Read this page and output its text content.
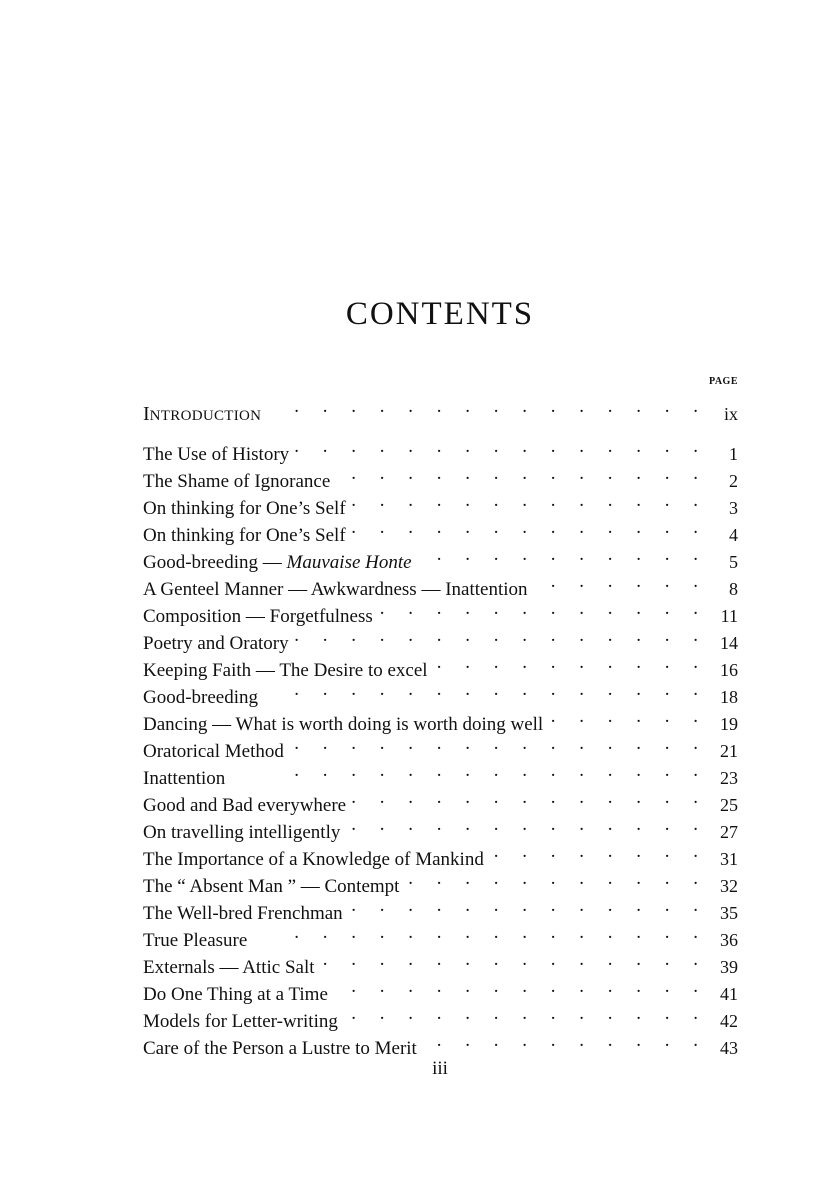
CONTENTS
PAGE
INTRODUCTION .	ix
The Use of History .	1
The Shame of Ignorance .	2
On thinking for One’s Self .	3
On thinking for One’s Self .	4
Good-breeding — Mauvaise Honte .	5
A Genteel Manner — Awkwardness — Inattention .	8
Composition — Forgetfulness .	11
Poetry and Oratory .	14
Keeping Faith — The Desire to excel .	16
Good-breeding .	18
Dancing — What is worth doing is worth doing well .	19
Oratorical Method .	21
Inattention .	23
Good and Bad everywhere .	25
On travelling intelligently .	27
The Importance of a Knowledge of Mankind .	31
The “ Absent Man ” — Contempt .	32
The Well-bred Frenchman .	35
True Pleasure .	36
Externals — Attic Salt .	39
Do One Thing at a Time .	41
Models for Letter-writing .	42
Care of the Person a Lustre to Merit .	43
iii
